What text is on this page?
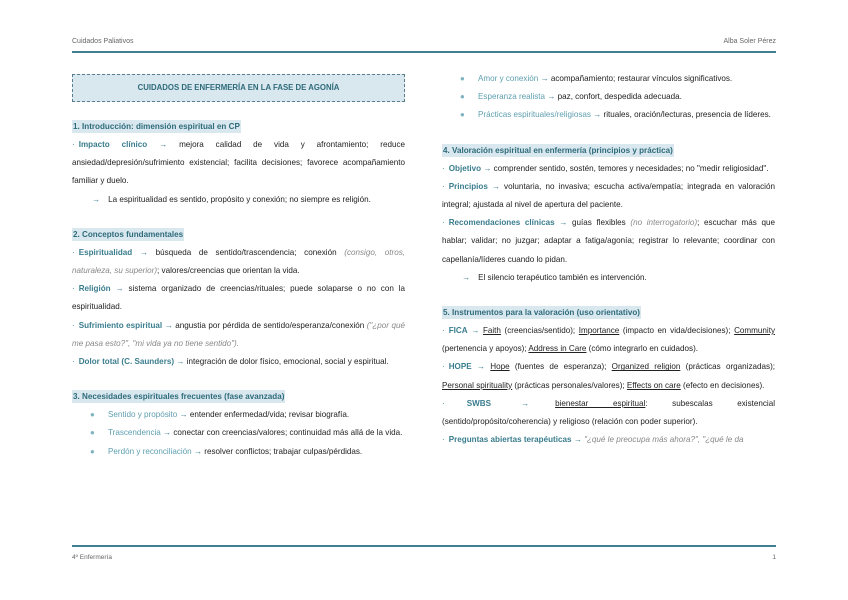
Cuidados Paliativos	Alba Soler Pérez
CUIDADOS DE ENFERMERÍA EN LA FASE DE AGONÍA
1. Introducción: dimensión espiritual en CP
· Impacto clínico → mejora calidad de vida y afrontamiento; reduce ansiedad/depresión/sufrimiento existencial; facilita decisiones; favorece acompañamiento familiar y duelo.
→ La espiritualidad es sentido, propósito y conexión; no siempre es religión.
2. Conceptos fundamentales
· Espiritualidad → búsqueda de sentido/trascendencia; conexión (consigo, otros, naturaleza, su superior); valores/creencias que orientan la vida.
· Religión → sistema organizado de creencias/rituales; puede solaparse o no con la espiritualidad.
· Sufrimiento espiritual → angustia por pérdida de sentido/esperanza/conexión ("¿por qué me pasa esto?", "mi vida ya no tiene sentido").
· Dolor total (C. Saunders) → integración de dolor físico, emocional, social y espiritual.
3. Necesidades espirituales frecuentes (fase avanzada)
● Sentido y propósito → entender enfermedad/vida; revisar biografía.
● Trascendencia → conectar con creencias/valores; continuidad más allá de la vida.
● Perdón y reconciliación → resolver conflictos; trabajar culpas/pérdidas.
● Amor y conexión → acompañamiento; restaurar vínculos significativos.
● Esperanza realista → paz, confort, despedida adecuada.
● Prácticas espirituales/religiosas → rituales, oración/lecturas, presencia de líderes.
4. Valoración espiritual en enfermería (principios y práctica)
· Objetivo → comprender sentido, sostén, temores y necesidades; no "medir religiosidad".
· Principios → voluntaria, no invasiva; escucha activa/empatía; integrada en valoración integral; ajustada al nivel de apertura del paciente.
· Recomendaciones clínicas → guías flexibles (no interrogatorio); escuchar más que hablar; validar; no juzgar; adaptar a fatiga/agonía; registrar lo relevante; coordinar con capellanía/líderes cuando lo pidan.
→ El silencio terapéutico también es intervención.
5. Instrumentos para la valoración (uso orientativo)
· FICA → Faith (creencias/sentido); Importance (impacto en vida/decisiones); Community (pertenencia y apoyos); Address in Care (cómo integrarlo en cuidados).
· HOPE → Hope (fuentes de esperanza); Organized religion (prácticas organizadas); Personal spirituality (prácticas personales/valores); Effects on care (efecto en decisiones).
·	SWBS	→	bienestar espiritual: subescalas existencial (sentido/propósito/coherencia) y religioso (relación con poder superior).
· Preguntas abiertas terapéuticas → "¿qué le preocupa más ahora?", "¿qué le da
4º Enfermería	1
